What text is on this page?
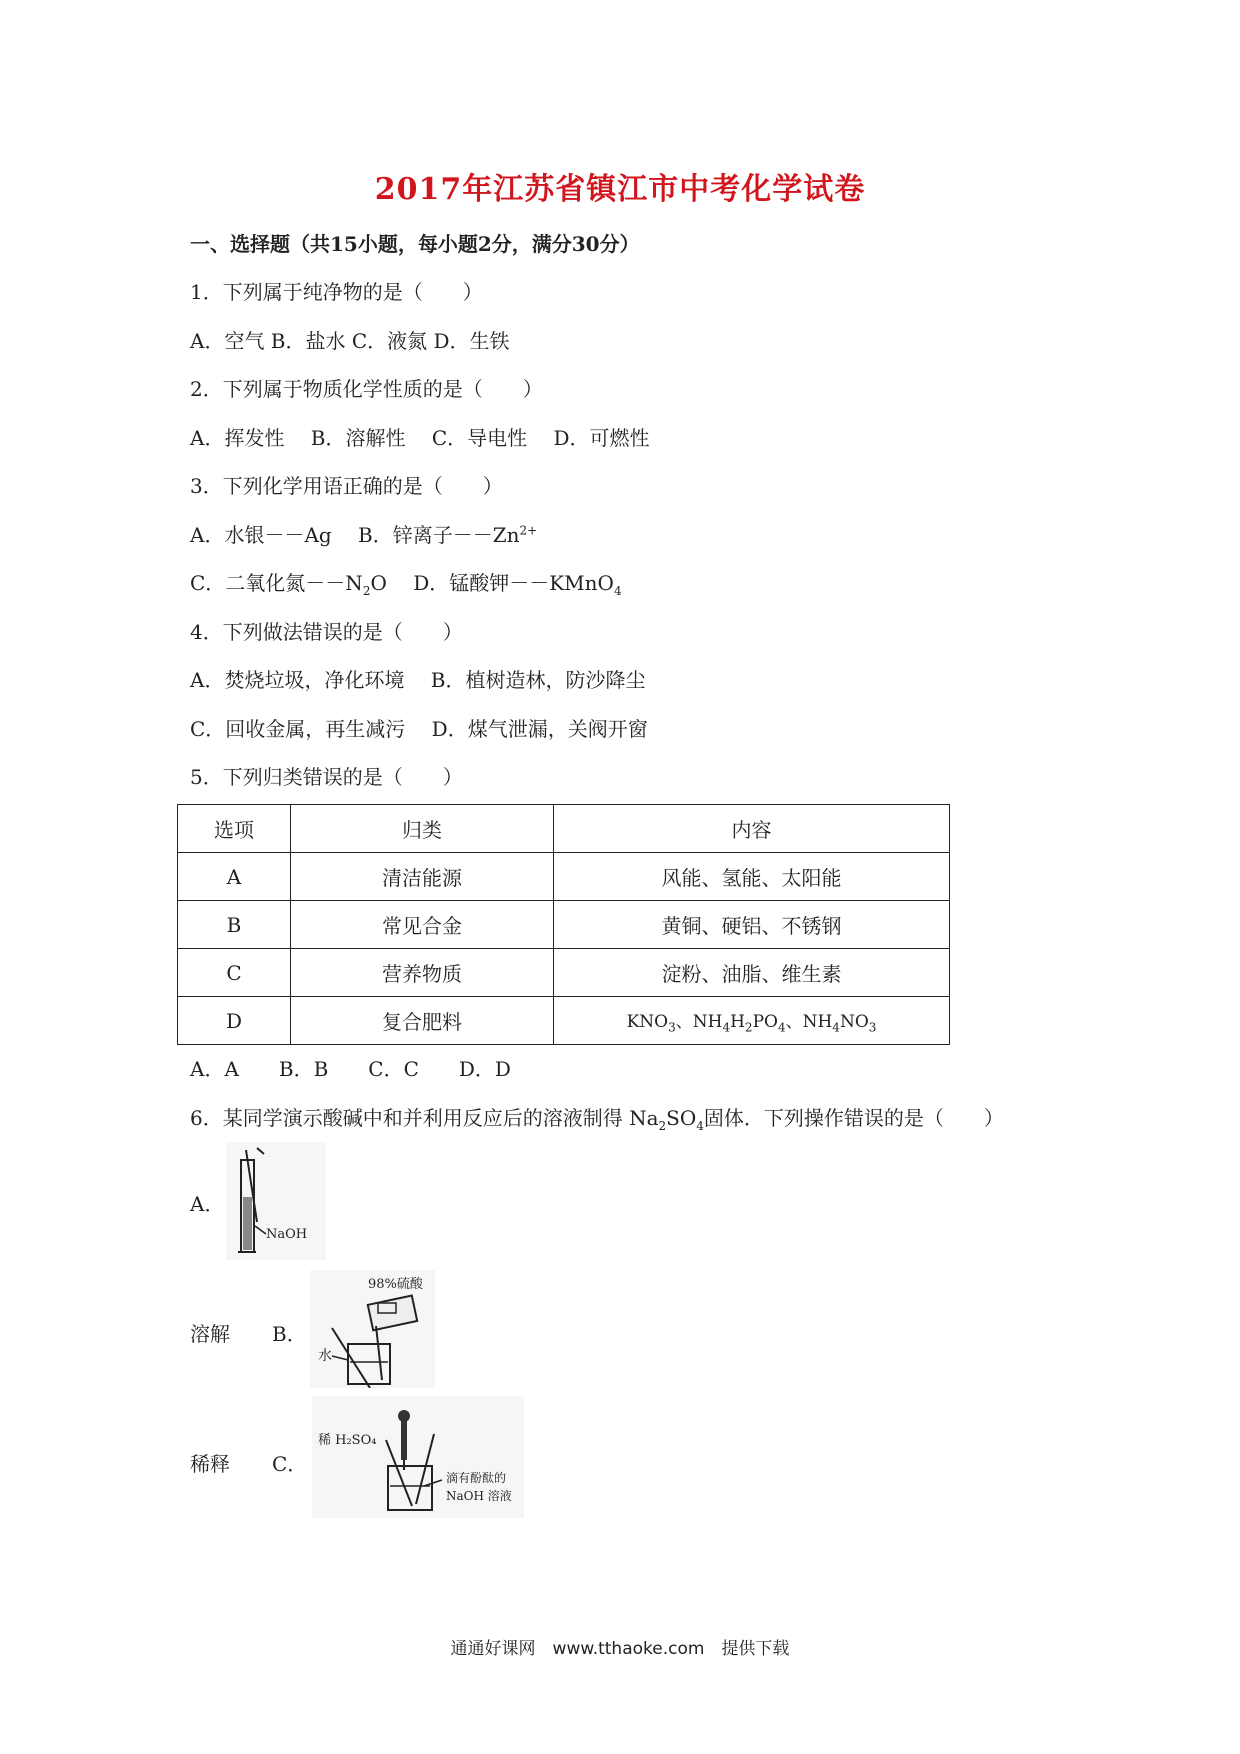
2017年江苏省镇江市中考化学试卷
一、选择题（共15小题，每小题2分，满分30分）
1．下列属于纯净物的是（　　）
A．空气 B．盐水 C．液氮 D．生铁
2．下列属于物质化学性质的是（　　）
A．挥发性　 B．溶解性　 C．导电性　 D．可燃性
3．下列化学用语正确的是（　　）
A．水银－－Ag　 B．锌离子$--Zn^{2+}$
C．二氧化氮$--N_2O$　 D．锰酸钾－－KMnO$_4$
4．下列做法错误的是（　　）
A．焚烧垃圾，净化环境　 B．植树造林，防沙降尘
C．回收金属，再生减污　 D．煤气泄漏，关阀开窗
5．下列归类错误的是（　　）
选项	归类	内容
A	清洁能源	风能、氢能、太阳能
B	常见合金	黄铜、硬铝、不锈钢
C	营养物质	淀粉、油脂、维生素
D	复合肥料	$KNO_3$、$NH_4H_2PO_4$、$NH_4NO_3$
A．A　　B．B　　C．C　　D．D
6．某同学演示酸碱中和并利用反应后的溶液制得 $Na_2SO_4$固体．下列操作错误的是（　　）
A．
NaOH
溶解 B．
98%硫酸
水
稀释 C．
稀 H₂SO₄
滴有酚酞的
NaOH 溶液
通通好课网　www.tthaoke.com　提供下载
